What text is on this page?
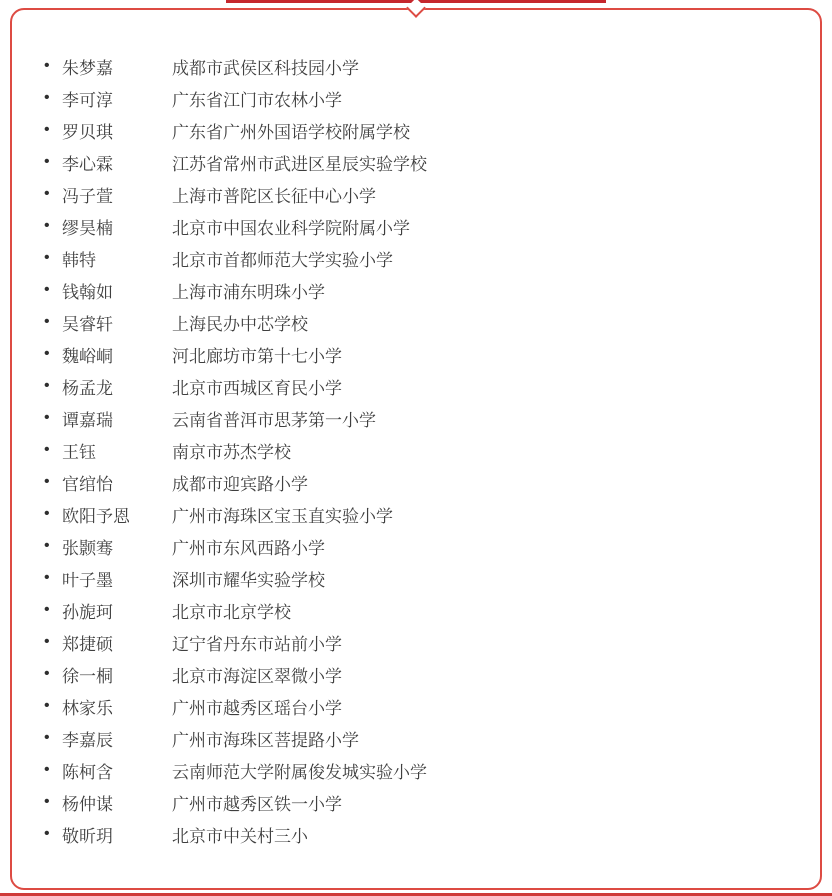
• 朱梦嘉	成都市武侯区科技园小学
• 李可淳	广东省江门市农林小学
• 罗贝琪	广东省广州外国语学校附属学校
• 李心霖	江苏省常州市武进区星辰实验学校
• 冯子萱	上海市普陀区长征中心小学
• 缪昊楠	北京市中国农业科学院附属小学
• 韩特	北京市首都师范大学实验小学
• 钱翰如	上海市浦东明珠小学
• 吴睿轩	上海民办中芯学校
• 魏峪峒	河北廊坊市第十七小学
• 杨孟龙	北京市西城区育民小学
• 谭嘉瑞	云南省普洱市思茅第一小学
• 王钰	南京市苏杰学校
• 官绾怡	成都市迎宾路小学
• 欧阳予恩	广州市海珠区宝玉直实验小学
• 张颢骞	广州市东风西路小学
• 叶子墨	深圳市耀华实验学校
• 孙旎珂	北京市北京学校
• 郑捷硕	辽宁省丹东市站前小学
• 徐一桐	北京市海淀区翠微小学
• 林家乐	广州市越秀区瑶台小学
• 李嘉辰	广州市海珠区菩提路小学
• 陈柯含	云南师范大学附属俊发城实验小学
• 杨仲谋	广州市越秀区铁一小学
• 敬昕玥	北京市中关村三小
